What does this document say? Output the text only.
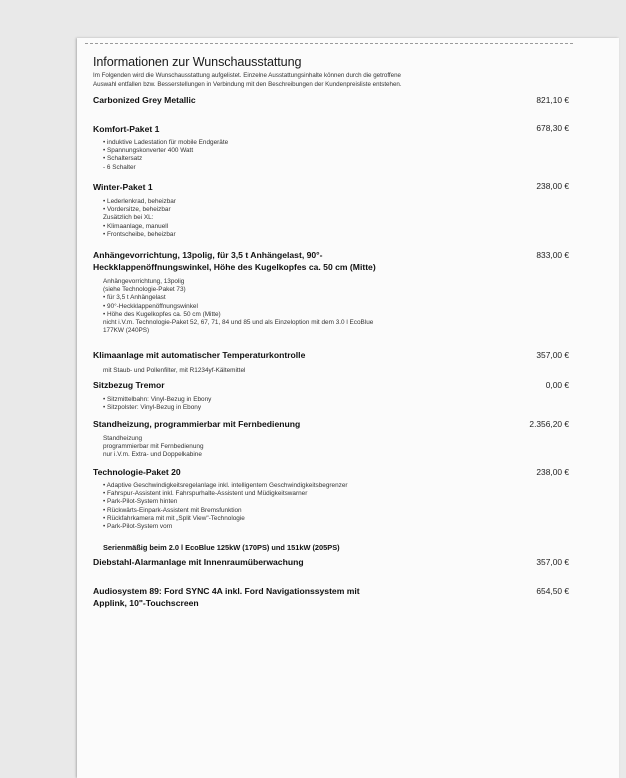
Informationen zur Wunschausstattung
Im Folgenden wird die Wunschausstattung aufgelistet. Einzelne Ausstattungsinhalte können durch die getroffene
Auswahl entfallen bzw. Besserstellungen in Verbindung mit den Beschreibungen der Kundenpreisliste entstehen.
Carbonized Grey Metallic	821,10 €
Komfort-Paket 1	678,30 €
• induktive Ladestation für mobile Endgeräte
• Spannungskonverter 400 Watt
• Schaltersatz
- 6 Schalter
Winter-Paket 1	238,00 €
• Lederlenkrad, beheizbar
• Vordersitze, beheizbar
Zusätzlich bei XL:
• Klimaanlage, manuell
• Frontscheibe, beheizbar
Anhängevorrichtung, 13polig, für 3,5 t Anhängelast, 90°-
Heckklappenöffnungswinkel, Höhe des Kugelkopfes ca. 50 cm (Mitte)
833,00 €
Anhängevorrichtung, 13polig
(siehe Technologie-Paket 73)
• für 3,5 t Anhängelast
• 90°-Heckklappenöffnungswinkel
• Höhe des Kugelkopfes ca. 50 cm (Mitte)
nicht i.V.m. Technologie-Paket 52, 67, 71, 84 und 85 und als Einzeloption mit dem 3.0 l EcoBlue
177KW (240PS)
Klimaanlage mit automatischer Temperaturkontrolle	357,00 €
mit Staub- und Pollenfilter, mit R1234yf-Kältemittel
Sitzbezug Tremor	0,00 €
• Sitzmittelbahn: Vinyl-Bezug in Ebony
• Sitzpolster: Vinyl-Bezug in Ebony
Standheizung, programmierbar mit Fernbedienung	2.356,20 €
Standheizung
programmierbar mit Fernbedienung
nur i.V.m. Extra- und Doppelkabine
Technologie-Paket 20	238,00 €
• Adaptive Geschwindigkeitsregelanlage inkl. intelligentem Geschwindigkeitsbegrenzer
• Fahrspur-Assistent inkl. Fahrspurhalte-Assistent und Müdigkeitswarner
• Park-Pilot-System hinten
• Rückwärts-Einpark-Assistent mit Bremsfunktion
• Rückfahrkamera mit mit „Split View"-Technologie
• Park-Pilot-System vorn
Serienmäßig beim 2.0 l EcoBlue 125kW (170PS) und 151kW (205PS)
Diebstahl-Alarmanlage mit Innenraumüberwachung	357,00 €
Audiosystem 89: Ford SYNC 4A inkl. Ford Navigationssystem mit
Applink, 10"-Touchscreen
654,50 €
